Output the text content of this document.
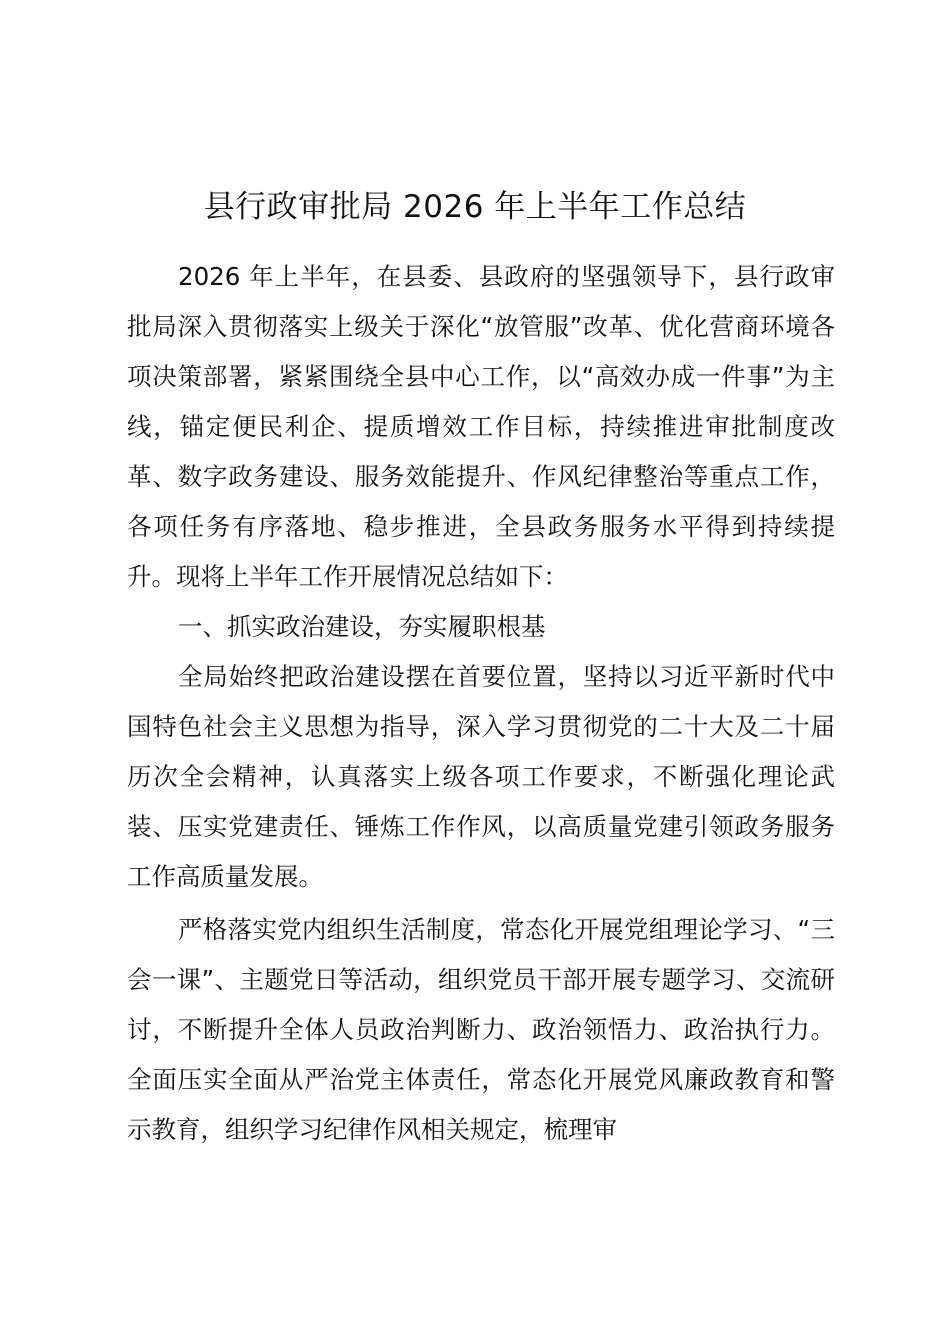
县行政审批局 2026 年上半年工作总结

2026 年上半年，在县委、县政府的坚强领导下，县行政审批局深入贯彻落实上级关于深化“放管服”改革、优化营商环境各项决策部署，紧紧围绕全县中心工作，以“高效办成一件事”为主线，锚定便民利企、提质增效工作目标，持续推进审批制度改革、数字政务建设、服务效能提升、作风纪律整治等重点工作，各项任务有序落地、稳步推进，全县政务服务水平得到持续提升。现将上半年工作开展情况总结如下：

一、抓实政治建设，夯实履职根基

全局始终把政治建设摆在首要位置，坚持以习近平新时代中国特色社会主义思想为指导，深入学习贯彻党的二十大及二十届历次全会精神，认真落实上级各项工作要求，不断强化理论武装、压实党建责任、锤炼工作作风，以高质量党建引领政务服务工作高质量发展。

严格落实党内组织生活制度，常态化开展党组理论学习、“三会一课”、主题党日等活动，组织党员干部开展专题学习、交流研讨，不断提升全体人员政治判断力、政治领悟力、政治执行力。全面压实全面从严治党主体责任，常态化开展党风廉政教育和警示教育，组织学习纪律作风相关规定，梳理审
